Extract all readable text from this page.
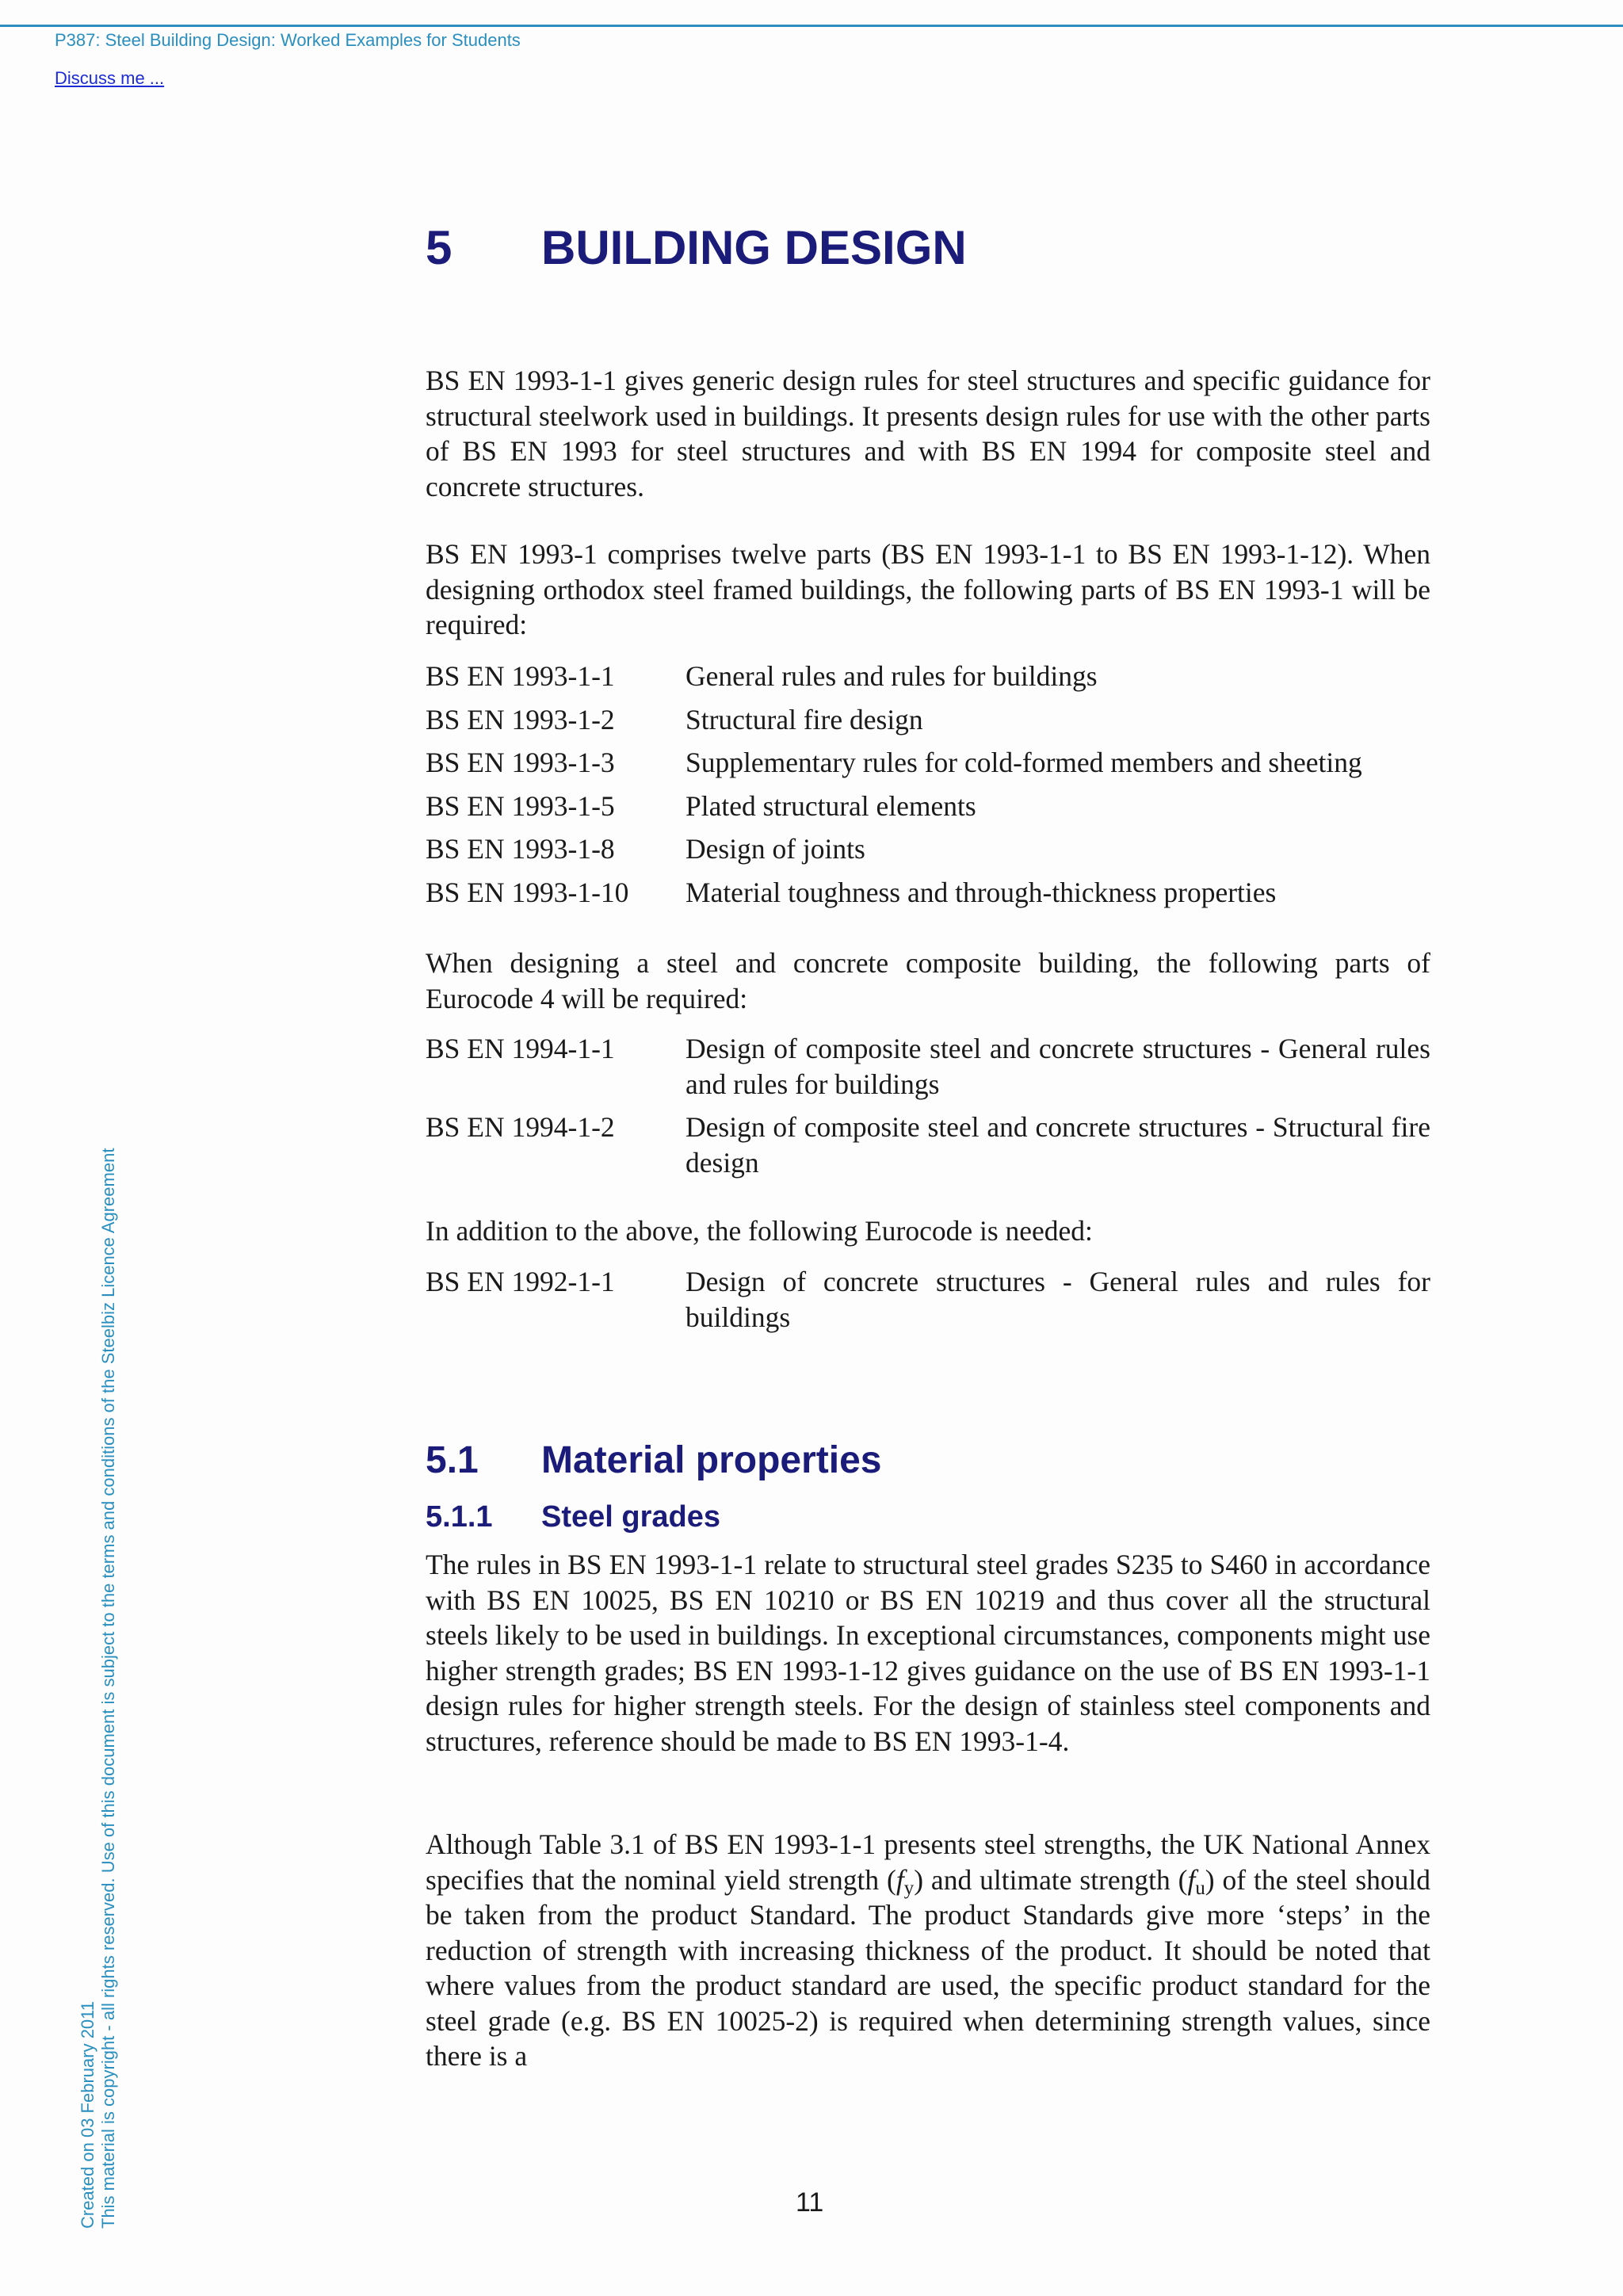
P387: Steel Building Design: Worked Examples for Students
Discuss me ...
Created on 03 February 2011 This material is copyright - all rights reserved. Use of this document is subject to the terms and conditions of the Steelbiz Licence Agreement
5 BUILDING DESIGN

BS EN 1993-1-1 gives generic design rules for steel structures and specific guidance for structural steelwork used in buildings. It presents design rules for use with the other parts of BS EN 1993 for steel structures and with BS EN 1994 for composite steel and concrete structures.

BS EN 1993-1 comprises twelve parts (BS EN 1993-1-1 to BS EN 1993-1-12). When designing orthodox steel framed buildings, the following parts of BS EN 1993-1 will be required:

BS EN 1993-1-1	General rules and rules for buildings
BS EN 1993-1-2	Structural fire design
BS EN 1993-1-3	Supplementary rules for cold-formed members and sheeting
BS EN 1993-1-5	Plated structural elements
BS EN 1993-1-8	Design of joints
BS EN 1993-1-10	Material toughness and through-thickness properties

When designing a steel and concrete composite building, the following parts of Eurocode 4 will be required:

BS EN 1994-1-1	Design of composite steel and concrete structures - General rules and rules for buildings
BS EN 1994-1-2	Design of composite steel and concrete structures - Structural fire design

In addition to the above, the following Eurocode is needed:

BS EN 1992-1-1	Design of concrete structures - General rules and rules for buildings
5.1 Material properties
5.1.1 Steel grades

The rules in BS EN 1993-1-1 relate to structural steel grades S235 to S460 in accordance with BS EN 10025, BS EN 10210 or BS EN 10219 and thus cover all the structural steels likely to be used in buildings. In exceptional circumstances, components might use higher strength grades; BS EN 1993-1-12 gives guidance on the use of BS EN 1993-1-1 design rules for higher strength steels. For the design of stainless steel components and structures, reference should be made to BS EN 1993-1-4.

Although Table 3.1 of BS EN 1993-1-1 presents steel strengths, the UK National Annex specifies that the nominal yield strength $(f_y)$ and ultimate strength $(f_u)$ of the steel should be taken from the product Standard. The product Standards give more ‘steps’ in the reduction of strength with increasing thickness of the product. It should be noted that where values from the product standard are used, the specific product standard for the steel grade (e.g. BS EN 10025-2) is required when determining strength values, since there is a

11
